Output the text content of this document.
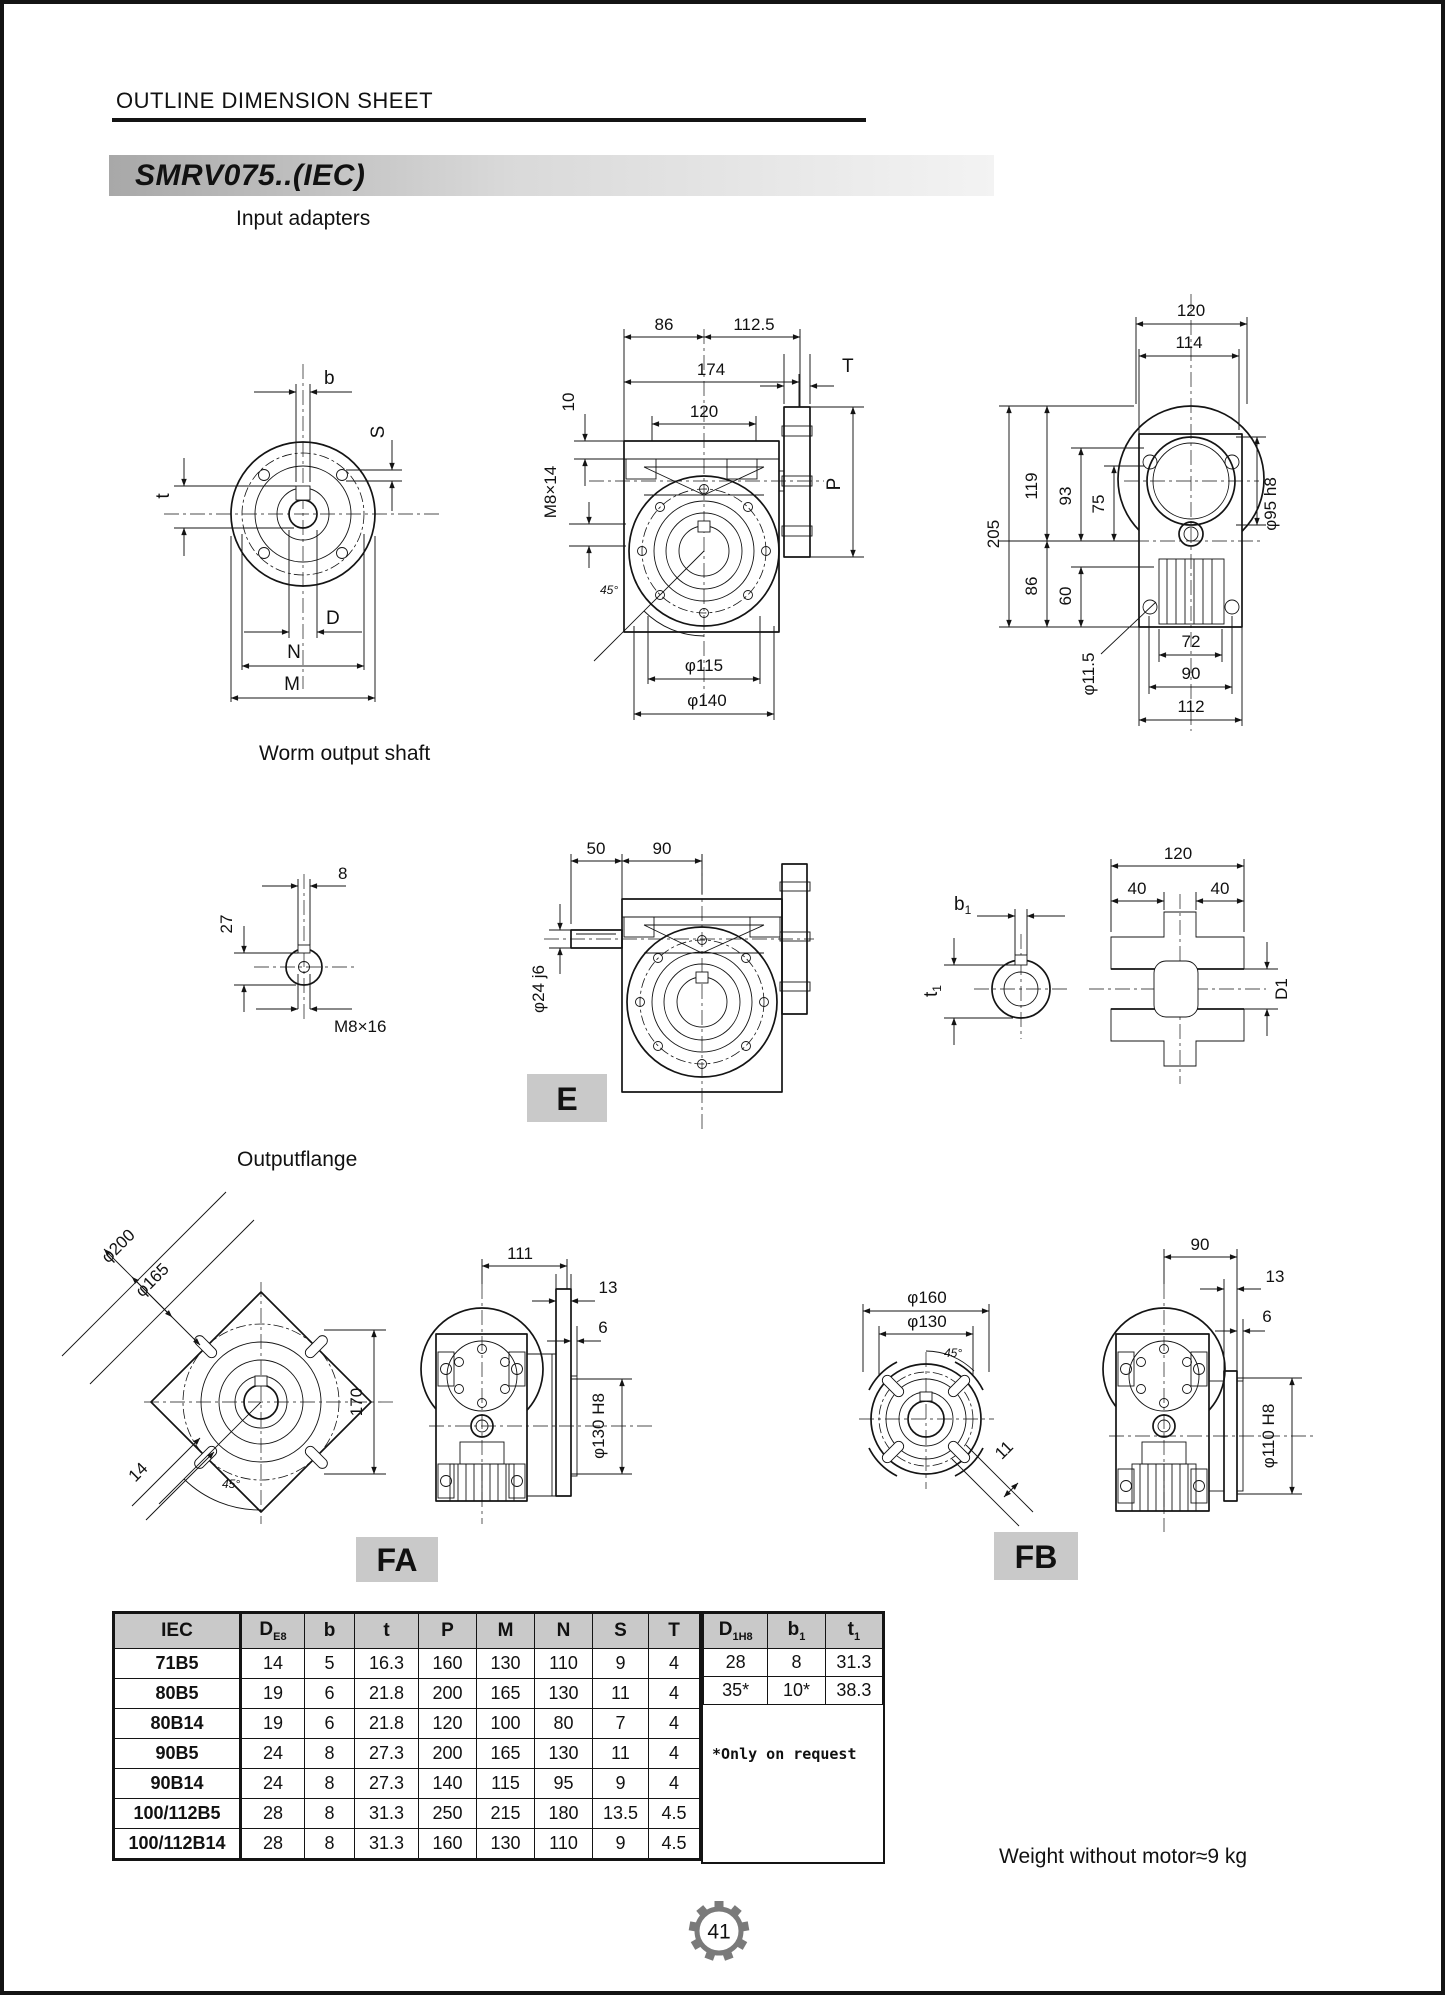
OUTLINE DIMENSION SHEET
SMRV075..(IEC)
Input adapters
Worm output shaft
Outputflange
b
S
t
D
N
M
120
174
86	112.5
T
P
10
M8×14
φ115
φ140
45°
120
114
205
119 93 75
86
60
φ95 h8
φ11.5
72
90
112
8
27
M8×16
50	90
φ24 j6
E
$b_1$
$t_1$
120
40	40
D1
φ200
φ165
14	45°
170
111
13
6
φ130 H8
FA
φ160
φ130
45°
11
90
13
6
φ110 H8
FB
IEC	$D_{E8}$	b	t	P	M	N	S	T
71B5	14	5	16.3	160	130	110	9	4
80B5	19	6	21.8	200	165	130	11	4
80B14	19	6	21.8	120	100	80	7	4
90B5	24	8	27.3	200	165	130	11	4
90B14	24	8	27.3	140	115	95	9	4
100/112B5	28	8	31.3	250	215	180	13.5	4.5
100/112B14	28	8	31.3	160	130	110	9	4.5
$D_{1H8}$	$b_1$	$t_1$
28	8	31.3
35*	10*	38.3
*Only on request
Weight without motor≈9 kg
41
